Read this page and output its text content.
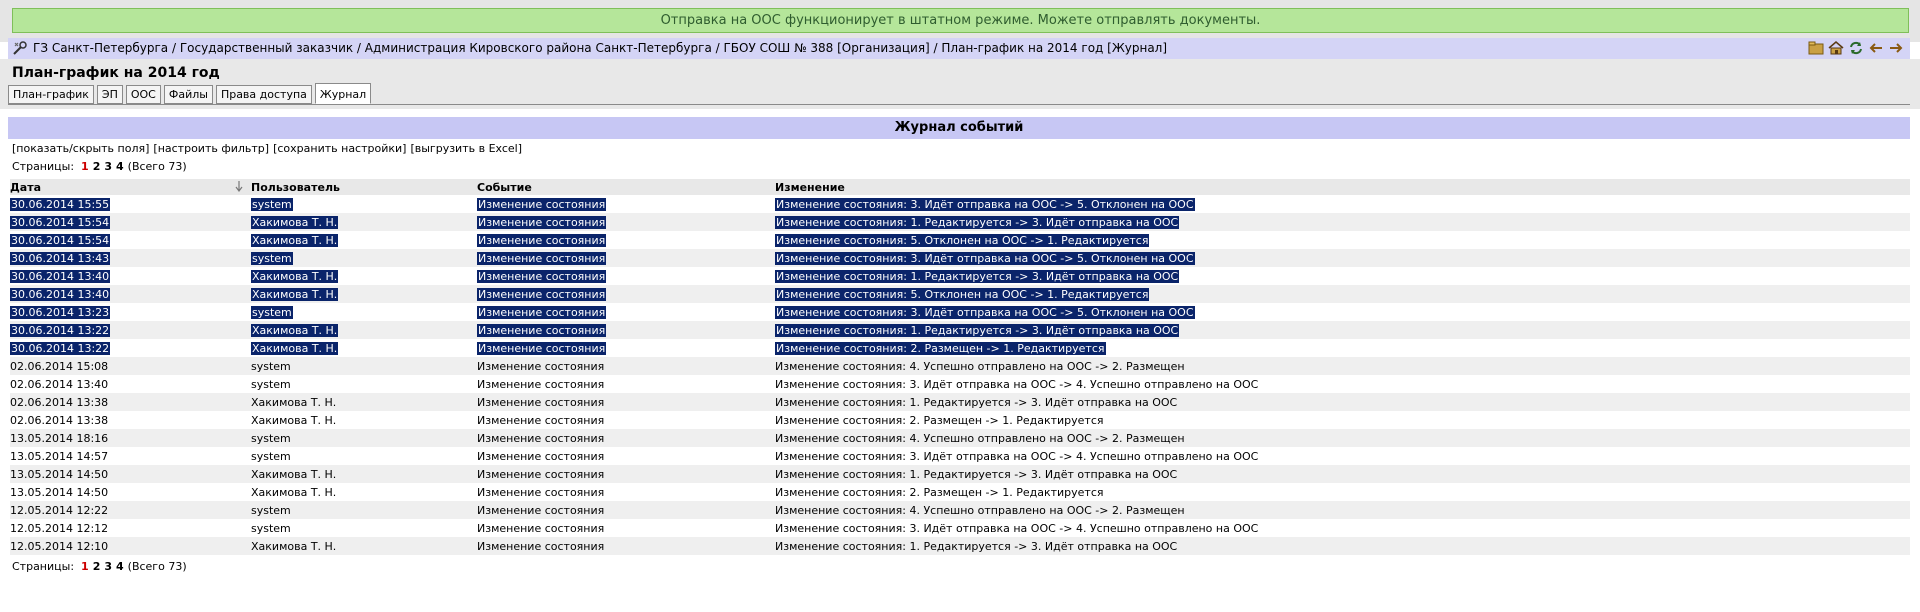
Отправка на ООС функционирует в штатном режиме. Можете отправлять документы.
ГЗ Санкт-Петербурга / Государственный заказчик / Администрация Кировского района Санкт-Петербурга / ГБОУ СОШ № 388 [Организация] / План-график на 2014 год [Журнал]
План-график на 2014 год
План-график	ЭП	ООС	Файлы	Права доступа	Журнал
Журнал событий
[показать/скрыть поля] [настроить фильтр] [сохранить настройки] [выгрузить в Excel]
Страницы: 1 2 3 4 (Всего 73)
Дата	Пользователь	Событие	Изменение
30.06.2014 15:55	system	Изменение состояния	Изменение состояния: 3. Идёт отправка на ООС -> 5. Отклонен на ООС
30.06.2014 15:54	Хакимова Т. Н.	Изменение состояния	Изменение состояния: 1. Редактируется -> 3. Идёт отправка на ООС
30.06.2014 15:54	Хакимова Т. Н.	Изменение состояния	Изменение состояния: 5. Отклонен на ООС -> 1. Редактируется
30.06.2014 13:43	system	Изменение состояния	Изменение состояния: 3. Идёт отправка на ООС -> 5. Отклонен на ООС
30.06.2014 13:40	Хакимова Т. Н.	Изменение состояния	Изменение состояния: 1. Редактируется -> 3. Идёт отправка на ООС
30.06.2014 13:40	Хакимова Т. Н.	Изменение состояния	Изменение состояния: 5. Отклонен на ООС -> 1. Редактируется
30.06.2014 13:23	system	Изменение состояния	Изменение состояния: 3. Идёт отправка на ООС -> 5. Отклонен на ООС
30.06.2014 13:22	Хакимова Т. Н.	Изменение состояния	Изменение состояния: 1. Редактируется -> 3. Идёт отправка на ООС
30.06.2014 13:22	Хакимова Т. Н.	Изменение состояния	Изменение состояния: 2. Размещен -> 1. Редактируется
02.06.2014 15:08	system	Изменение состояния	Изменение состояния: 4. Успешно отправлено на ООС -> 2. Размещен
02.06.2014 13:40	system	Изменение состояния	Изменение состояния: 3. Идёт отправка на ООС -> 4. Успешно отправлено на ООС
02.06.2014 13:38	Хакимова Т. Н.	Изменение состояния	Изменение состояния: 1. Редактируется -> 3. Идёт отправка на ООС
02.06.2014 13:38	Хакимова Т. Н.	Изменение состояния	Изменение состояния: 2. Размещен -> 1. Редактируется
13.05.2014 18:16	system	Изменение состояния	Изменение состояния: 4. Успешно отправлено на ООС -> 2. Размещен
13.05.2014 14:57	system	Изменение состояния	Изменение состояния: 3. Идёт отправка на ООС -> 4. Успешно отправлено на ООС
13.05.2014 14:50	Хакимова Т. Н.	Изменение состояния	Изменение состояния: 1. Редактируется -> 3. Идёт отправка на ООС
13.05.2014 14:50	Хакимова Т. Н.	Изменение состояния	Изменение состояния: 2. Размещен -> 1. Редактируется
12.05.2014 12:22	system	Изменение состояния	Изменение состояния: 4. Успешно отправлено на ООС -> 2. Размещен
12.05.2014 12:12	system	Изменение состояния	Изменение состояния: 3. Идёт отправка на ООС -> 4. Успешно отправлено на ООС
12.05.2014 12:10	Хакимова Т. Н.	Изменение состояния	Изменение состояния: 1. Редактируется -> 3. Идёт отправка на ООС
Страницы: 1 2 3 4 (Всего 73)
